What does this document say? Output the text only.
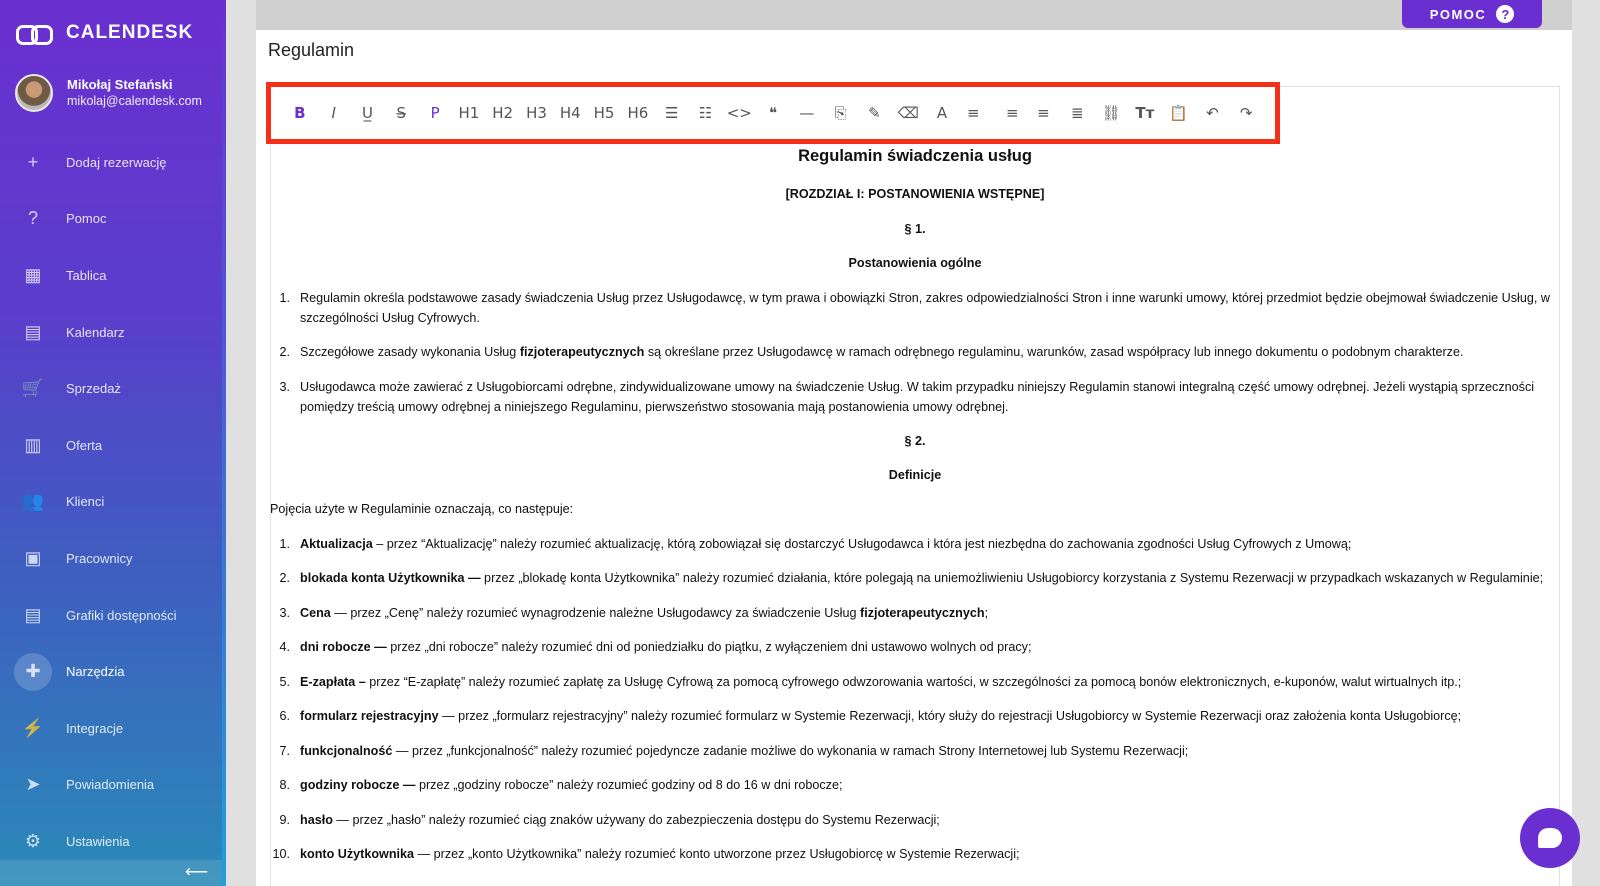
CALENDESK
Mikołaj Stefański
mikolaj@calendesk.com
+	Dodaj rezerwację
?	Pomoc
▦	Tablica
▤	Kalendarz
🛒 Sprzedaż
▥	Oferta
👥 Klienci
▣	Pracownicy
▤	Grafiki dostępności
✚	Narzędzia
⚡ Integracje
➤	Powiadomienia
⚙	Ustawienia
⟵
POMOC	?
Regulamin
B	I	U̲	S̶	P	H1 H2 H3 H4 H5 H6	☰	☷ <>	❝	—	⎘	✎	⌫	A	≡	≡	≡	≣	⛓ Tт 📋	↶	↷
Regulamin świadczenia usług
[ROZDZIAŁ I: POSTANOWIENIA WSTĘPNE]
§ 1.
Postanowienia ogólne
1. Regulamin określa podstawowe zasady świadczenia Usług przez Usługodawcę, w tym prawa i obowiązki Stron, zakres odpowiedzialności Stron i inne warunki umowy, której przedmiot będzie obejmował świadczenie Usług, w szczególności Usług Cyfrowych.
2. Szczegółowe zasady wykonania Usług fizjoterapeutycznych są określane przez Usługodawcę w ramach odrębnego regulaminu, warunków, zasad współpracy lub innego dokumentu o podobnym charakterze.
3. Usługodawca może zawierać z Usługobiorcami odrębne, zindywidualizowane umowy na świadczenie Usług. W takim przypadku niniejszy Regulamin stanowi integralną część umowy odrębnej. Jeżeli wystąpią sprzeczności pomiędzy treścią umowy odrębnej a niniejszego Regulaminu, pierwszeństwo stosowania mają postanowienia umowy odrębnej.
§ 2.
Definicje
Pojęcia użyte w Regulaminie oznaczają, co następuje:
1. Aktualizacja – przez “Aktualizację” należy rozumieć aktualizację, którą zobowiązał się dostarczyć Usługodawca i która jest niezbędna do zachowania zgodności Usług Cyfrowych z Umową;
2. blokada konta Użytkownika — przez „blokadę konta Użytkownika” należy rozumieć działania, które polegają na uniemożliwieniu Usługobiorcy korzystania z Systemu Rezerwacji w przypadkach wskazanych w Regulaminie;
3. Cena — przez „Cenę” należy rozumieć wynagrodzenie należne Usługodawcy za świadczenie Usług fizjoterapeutycznych;
4. dni robocze — przez „dni robocze” należy rozumieć dni od poniedziałku do piątku, z wyłączeniem dni ustawowo wolnych od pracy;
5. E-zapłata – przez “E-zapłatę” należy rozumieć zapłatę za Usługę Cyfrową za pomocą cyfrowego odwzorowania wartości, w szczególności za pomocą bonów elektronicznych, e-kuponów, walut wirtualnych itp.;
6. formularz rejestracyjny — przez „formularz rejestracyjny” należy rozumieć formularz w Systemie Rezerwacji, który służy do rejestracji Usługobiorcy w Systemie Rezerwacji oraz założenia konta Usługobiorcę;
7. funkcjonalność — przez „funkcjonalność” należy rozumieć pojedyncze zadanie możliwe do wykonania w ramach Strony Internetowej lub Systemu Rezerwacji;
8. godziny robocze — przez „godziny robocze” należy rozumieć godziny od 8 do 16 w dni robocze;
9. hasło — przez „hasło” należy rozumieć ciąg znaków używany do zabezpieczenia dostępu do Systemu Rezerwacji;
10. konto Użytkownika — przez „konto Użytkownika” należy rozumieć konto utworzone przez Usługobiorcę w Systemie Rezerwacji;
